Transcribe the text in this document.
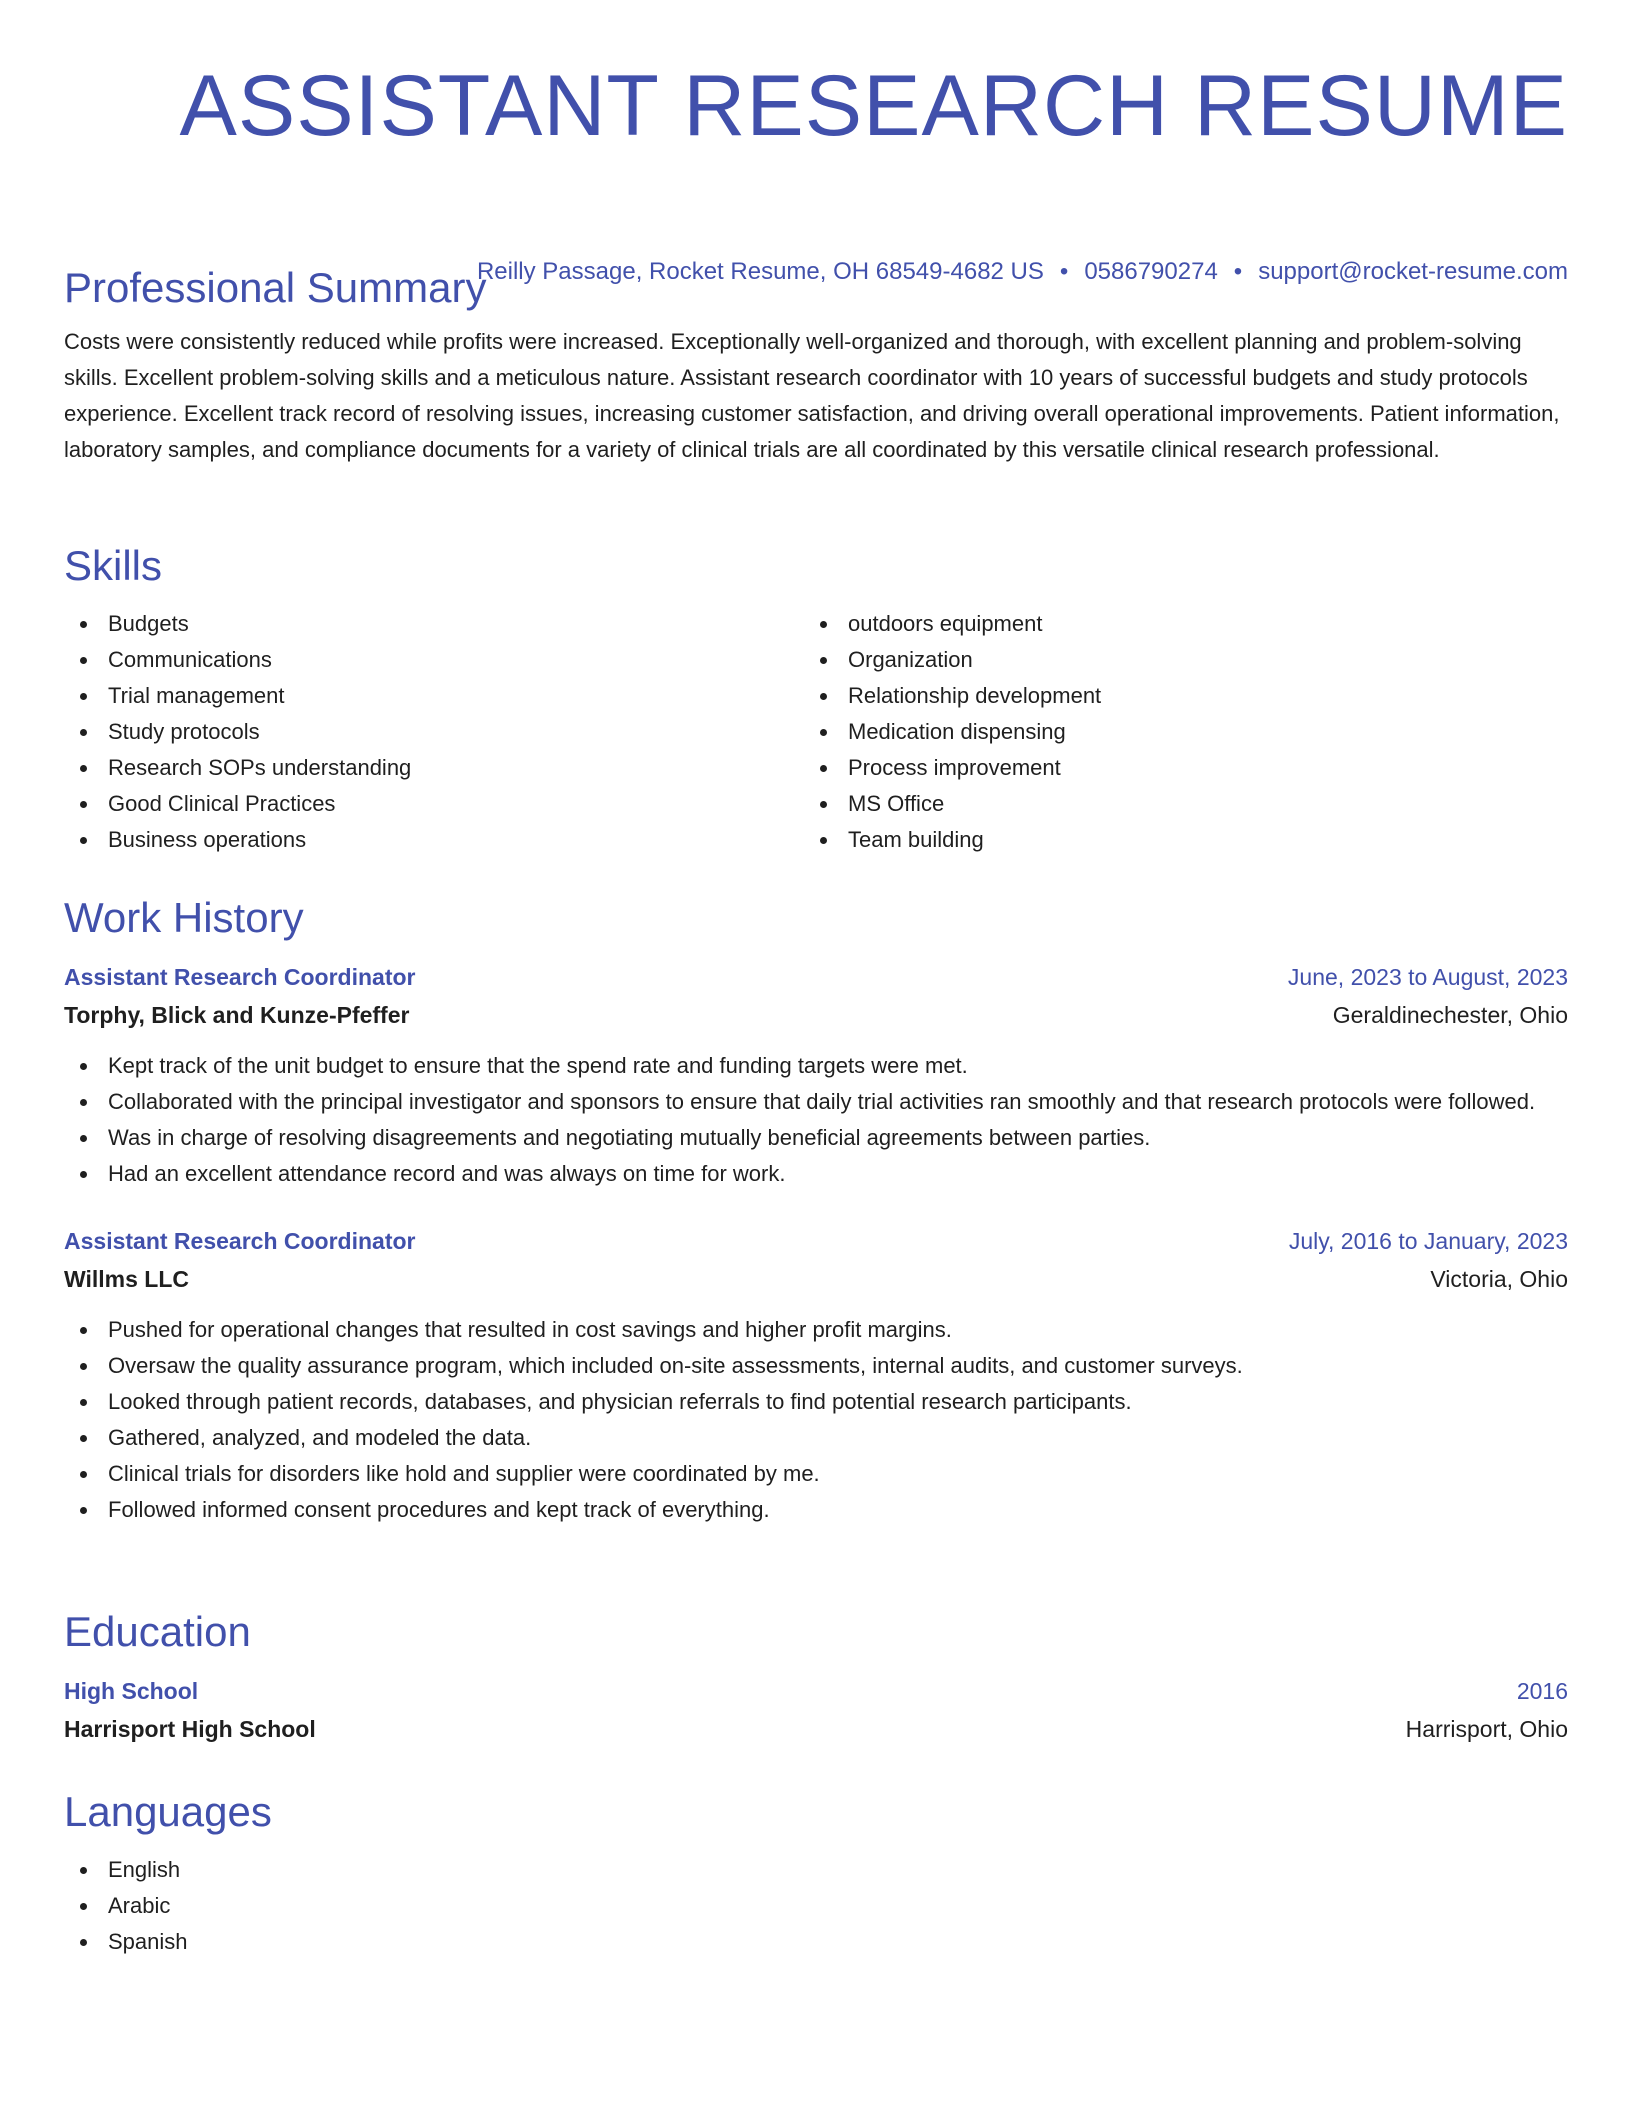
ASSISTANT RESEARCH RESUME
Reilly Passage, Rocket Resume, OH 68549-4682 US • 0586790274 • support@rocket-resume.com
Professional Summary

Costs were consistently reduced while profits were increased. Exceptionally well-organized and thorough, with excellent planning and problem-solving skills. Excellent problem-solving skills and a meticulous nature. Assistant research coordinator with 10 years of successful budgets and study protocols experience. Excellent track record of resolving issues, increasing customer satisfaction, and driving overall operational improvements. Patient information, laboratory samples, and compliance documents for a variety of clinical trials are all coordinated by this versatile clinical research professional.

Skills
Budgets
Communications
Trial management
Study protocols
Research SOPs understanding
Good Clinical Practices
Business operations
outdoors equipment
Organization
Relationship development
Medication dispensing
Process improvement
MS Office
Team building
Work History
Assistant Research Coordinator	June, 2023 to August, 2023
Torphy, Blick and Kunze-Pfeffer	Geraldinechester, Ohio
Kept track of the unit budget to ensure that the spend rate and funding targets were met.
Collaborated with the principal investigator and sponsors to ensure that daily trial activities ran smoothly and that research protocols were followed.
Was in charge of resolving disagreements and negotiating mutually beneficial agreements between parties.
Had an excellent attendance record and was always on time for work.
Assistant Research Coordinator	July, 2016 to January, 2023
Willms LLC	Victoria, Ohio
Pushed for operational changes that resulted in cost savings and higher profit margins.
Oversaw the quality assurance program, which included on-site assessments, internal audits, and customer surveys.
Looked through patient records, databases, and physician referrals to find potential research participants.
Gathered, analyzed, and modeled the data.
Clinical trials for disorders like hold and supplier were coordinated by me.
Followed informed consent procedures and kept track of everything.
Education
High School	2016
Harrisport High School	Harrisport, Ohio
Languages
English
Arabic
Spanish
